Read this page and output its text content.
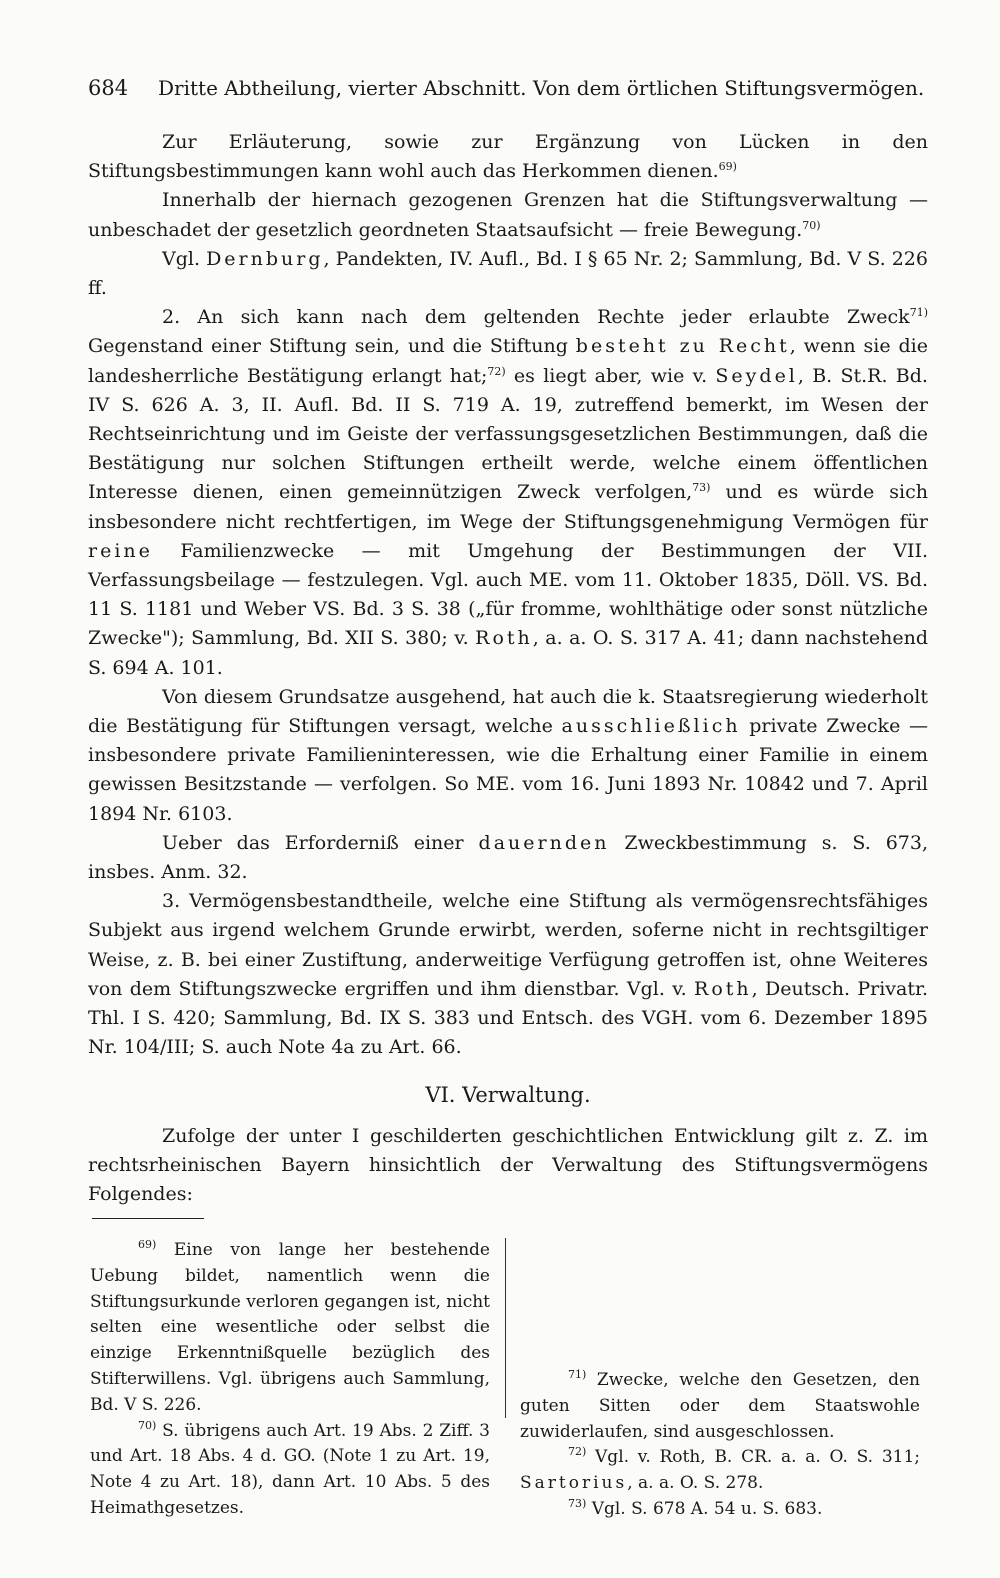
684 Dritte Abtheilung, vierter Abschnitt. Von dem örtlichen Stiftungsvermögen.

Zur Erläuterung, sowie zur Ergänzung von Lücken in den Stiftungsbestimmungen kann wohl auch das Herkommen dienen.$^{69)}$

Innerhalb der hiernach gezogenen Grenzen hat die Stiftungsverwaltung — unbeschadet der gesetzlich geordneten Staatsaufsicht — freie Bewegung.$^{70)}$

Vgl. Dernburg, Pandekten, IV. Aufl., Bd. I § 65 Nr. 2; Sammlung, Bd. V S. 226 ff.

2. An sich kann nach dem geltenden Rechte jeder erlaubte Zweck$^{71)}$ Gegenstand einer Stiftung sein, und die Stiftung besteht zu Recht, wenn sie die landesherrliche Bestätigung erlangt hat;$^{72)}$ es liegt aber, wie v. Seydel, B. St.R. Bd. IV S. 626 A. 3, II. Aufl. Bd. II S. 719 A. 19, zutreffend bemerkt, im Wesen der Rechtseinrichtung und im Geiste der verfassungsgesetzlichen Bestimmungen, daß die Bestätigung nur solchen Stiftungen ertheilt werde, welche einem öffentlichen Interesse dienen, einen gemeinnützigen Zweck verfolgen,$^{73)}$ und es würde sich insbesondere nicht rechtfertigen, im Wege der Stiftungsgenehmigung Vermögen für reine Familienzwecke — mit Umgehung der Bestimmungen der VII. Verfassungsbeilage — festzulegen. Vgl. auch ME. vom 11. Oktober 1835, Döll. VS. Bd. 11 S. 1181 und Weber VS. Bd. 3 S. 38 („für fromme, wohlthätige oder sonst nützliche Zwecke"); Sammlung, Bd. XII S. 380; v. Roth, a. a. O. S. 317 A. 41; dann nachstehend S. 694 A. 101.

Von diesem Grundsatze ausgehend, hat auch die k. Staatsregierung wiederholt die Bestätigung für Stiftungen versagt, welche ausschließlich private Zwecke — insbesondere private Familieninteressen, wie die Erhaltung einer Familie in einem gewissen Besitzstande — verfolgen. So ME. vom 16. Juni 1893 Nr. 10842 und 7. April 1894 Nr. 6103.

Ueber das Erforderniß einer dauernden Zweckbestimmung s. S. 673, insbes. Anm. 32.

3. Vermögensbestandtheile, welche eine Stiftung als vermögensrechtsfähiges Subjekt aus irgend welchem Grunde erwirbt, werden, soferne nicht in rechtsgiltiger Weise, z. B. bei einer Zustiftung, anderweitige Verfügung getroffen ist, ohne Weiteres von dem Stiftungszwecke ergriffen und ihm dienstbar. Vgl. v. Roth, Deutsch. Privatr. Thl. I S. 420; Sammlung, Bd. IX S. 383 und Entsch. des VGH. vom 6. Dezember 1895 Nr. 104/III; S. auch Note 4a zu Art. 66.

VI. Verwaltung.

Zufolge der unter I geschilderten geschichtlichen Entwicklung gilt z. Z. im rechtsrheinischen Bayern hinsichtlich der Verwaltung des Stiftungsvermögens Folgendes:

$^{69)}$ Eine von lange her bestehende Uebung bildet, namentlich wenn die Stiftungsurkunde verloren gegangen ist, nicht selten eine wesentliche oder selbst die einzige Erkenntnißquelle bezüglich des Stifterwillens. Vgl. übrigens auch Sammlung, Bd. V S. 226.

$^{70)}$ S. übrigens auch Art. 19 Abs. 2 Ziff. 3 und Art. 18 Abs. 4 d. GO. (Note 1 zu Art. 19, Note 4 zu Art. 18), dann Art. 10 Abs. 5 des Heimathgesetzes.

$^{71)}$ Zwecke, welche den Gesetzen, den guten Sitten oder dem Staatswohle zuwiderlaufen, sind ausgeschlossen.

$^{72)}$ Vgl. v. Roth, B. CR. a. a. O. S. 311; Sartorius, a. a. O. S. 278.

$^{73)}$ Vgl. S. 678 A. 54 u. S. 683.
